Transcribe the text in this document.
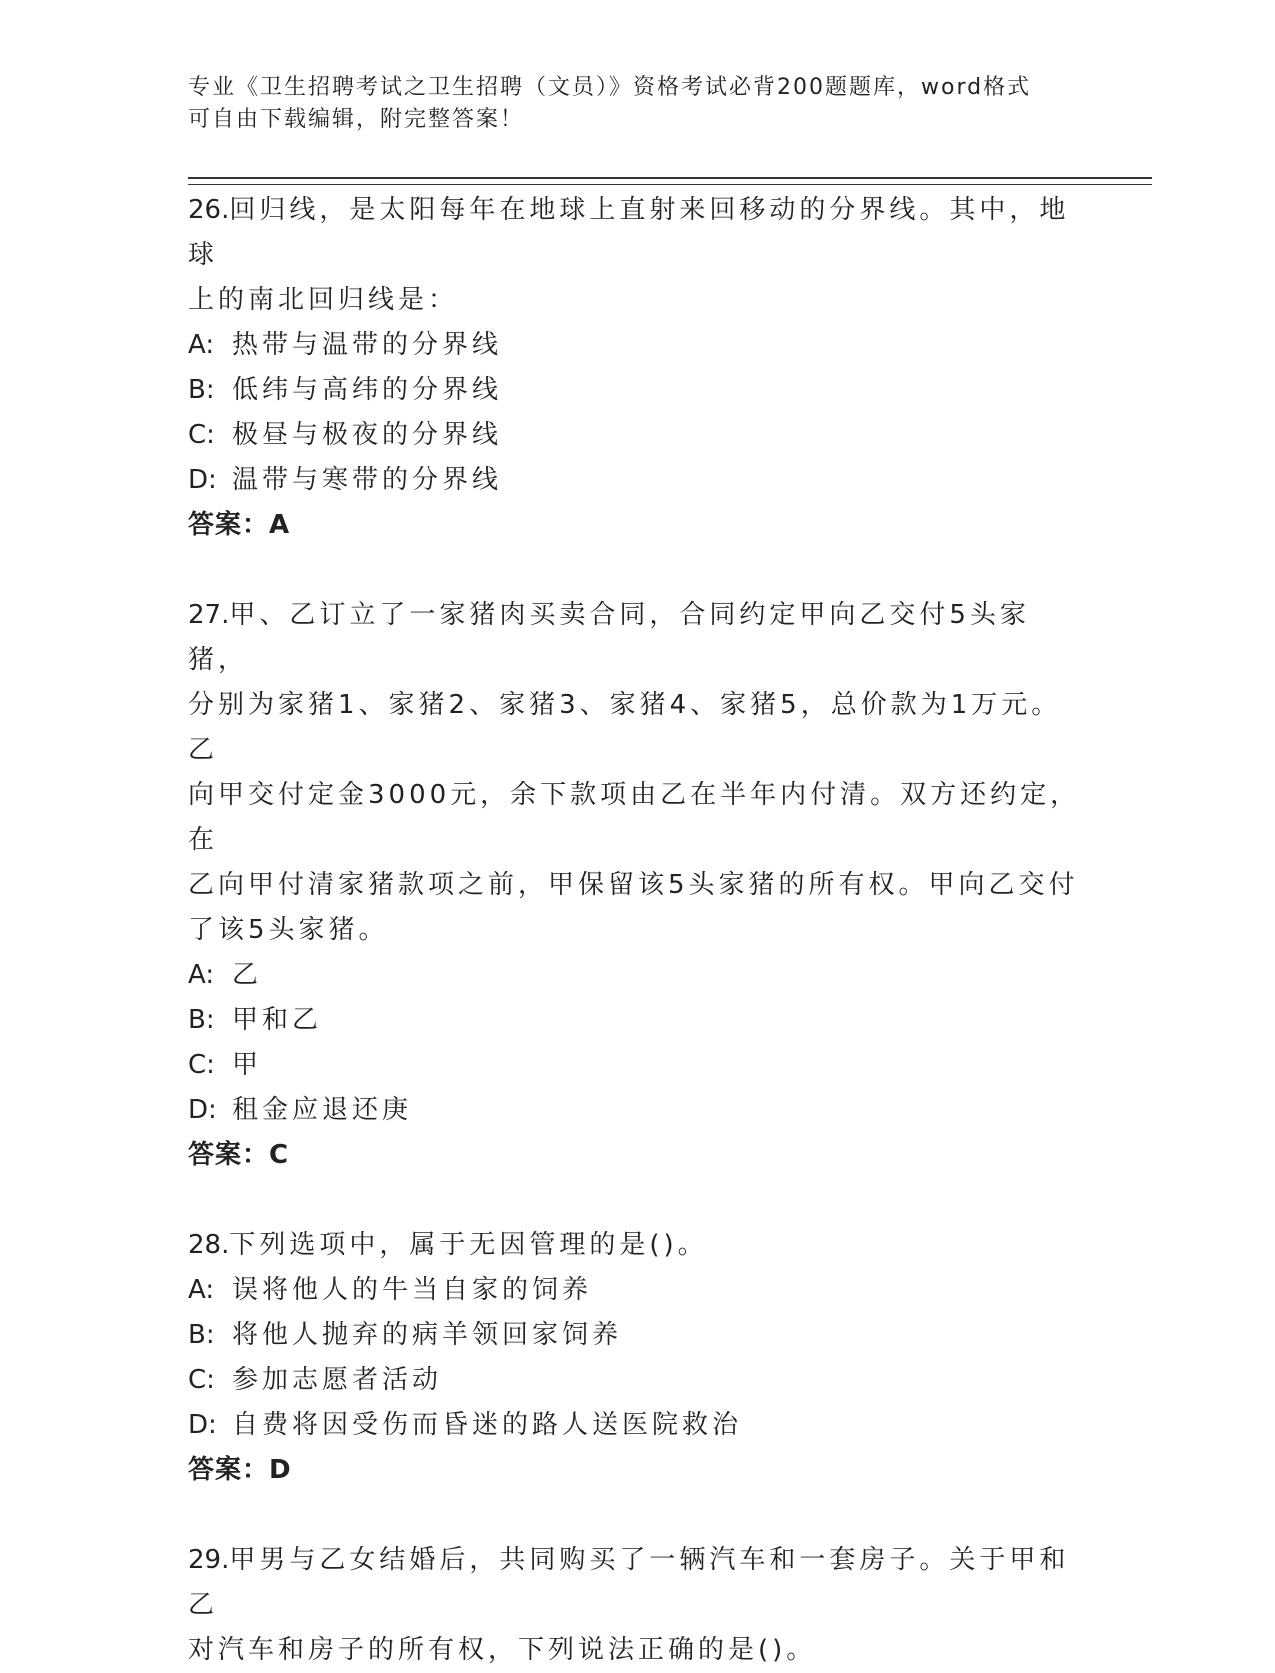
专业《卫生招聘考试之卫生招聘（文员）》资格考试必背200题题库，word格式
可自由下载编辑，附完整答案！
26.回归线，是太阳每年在地球上直射来回移动的分界线。其中，地球
上的南北回归线是：
A: 热带与温带的分界线
B: 低纬与高纬的分界线
C: 极昼与极夜的分界线
D: 温带与寒带的分界线
答案：A
27.甲、乙订立了一家猪肉买卖合同，合同约定甲向乙交付5头家猪，
分别为家猪1、家猪2、家猪3、家猪4、家猪5，总价款为1万元。乙
向甲交付定金3000元，余下款项由乙在半年内付清。双方还约定，在
乙向甲付清家猪款项之前，甲保留该5头家猪的所有权。甲向乙交付
了该5头家猪。
A: 乙
B: 甲和乙
C: 甲
D: 租金应退还庚
答案：C
28.下列选项中，属于无因管理的是()。
A: 误将他人的牛当自家的饲养
B: 将他人抛弃的病羊领回家饲养
C: 参加志愿者活动
D: 自费将因受伤而昏迷的路人送医院救治
答案：D
29.甲男与乙女结婚后，共同购买了一辆汽车和一套房子。关于甲和乙
对汽车和房子的所有权，下列说法正确的是()。
